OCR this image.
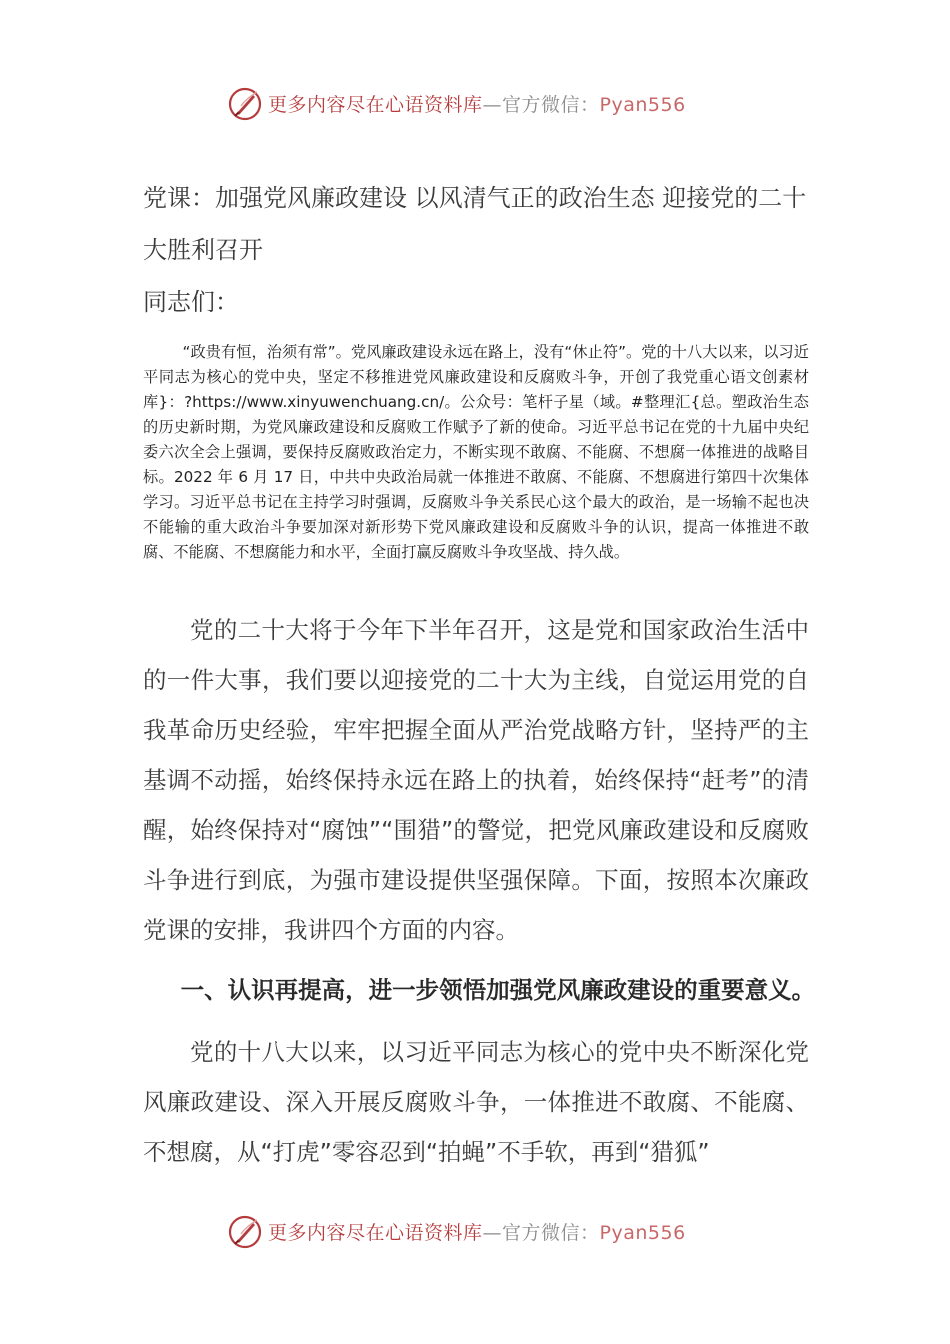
更多内容尽在心语资料库—官方微信：Pyan556
党课：加强党风廉政建设 以风清气正的政治生态 迎接党的二十大胜利召开
同志们：
“政贵有恒，治须有常”。党风廉政建设永远在路上，没有“休止符”。党的十八大以来，以习近平同志为核心的党中央，坚定不移推进党风廉政建设和反腐败斗争，开创了我党重心语文创素材库}：?https://www.xinyuwenchuang.cn/。公众号：笔杆子星（域。#整理汇{总。塑政治生态的历史新时期，为党风廉政建设和反腐败工作赋予了新的使命。习近平总书记在党的十九届中央纪委六次全会上强调，要保持反腐败政治定力，不断实现不敢腐、不能腐、不想腐一体推进的战略目标。2022 年 6 月 17 日，中共中央政治局就一体推进不敢腐、不能腐、不想腐进行第四十次集体学习。习近平总书记在主持学习时强调，反腐败斗争关系民心这个最大的政治，是一场输不起也决不能输的重大政治斗争要加深对新形势下党风廉政建设和反腐败斗争的认识，提高一体推进不敢腐、不能腐、不想腐能力和水平，全面打赢反腐败斗争攻坚战、持久战。
党的二十大将于今年下半年召开，这是党和国家政治生活中的一件大事，我们要以迎接党的二十大为主线，自觉运用党的自我革命历史经验，牢牢把握全面从严治党战略方针，坚持严的主基调不动摇，始终保持永远在路上的执着，始终保持“赶考”的清醒，始终保持对“腐蚀”“围猎”的警觉，把党风廉政建设和反腐败斗争进行到底，为强市建设提供坚强保障。下面，按照本次廉政党课的安排，我讲四个方面的内容。
一、认识再提高，进一步领悟加强党风廉政建设的重要意义。
党的十八大以来，以习近平同志为核心的党中央不断深化党风廉政建设、深入开展反腐败斗争，一体推进不敢腐、不能腐、不想腐，从“打虎”零容忍到“拍蝇”不手软，再到“猎狐”
更多内容尽在心语资料库—官方微信：Pyan556
